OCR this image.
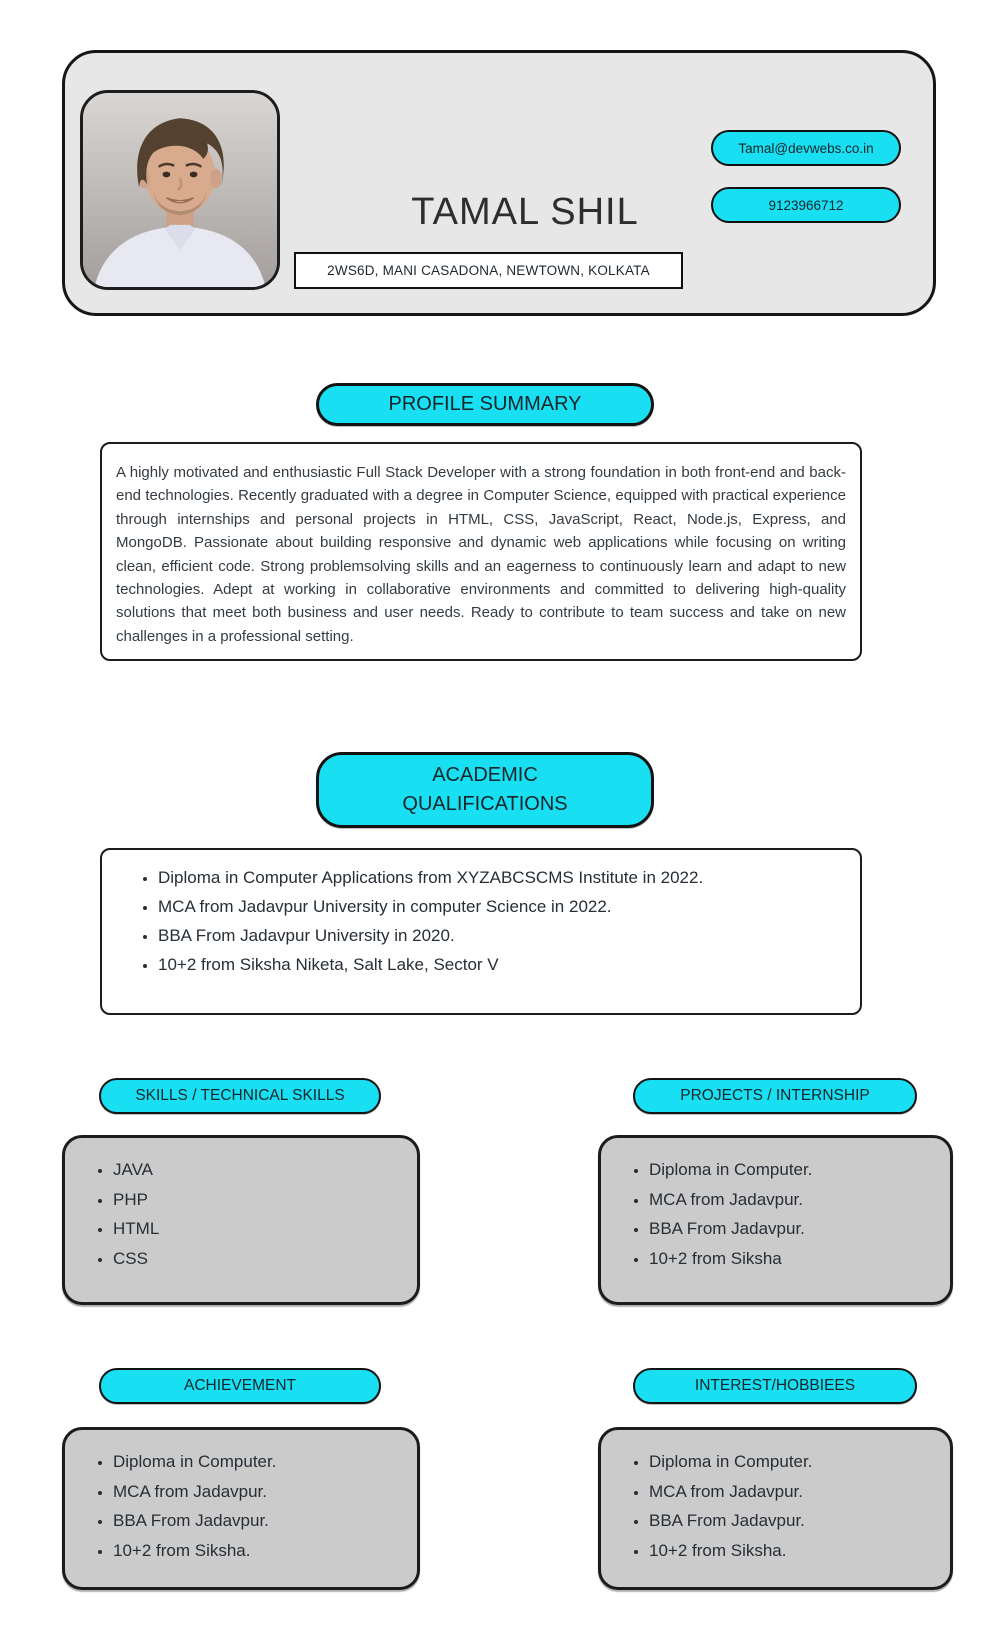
TAMAL SHIL
Tamal@devwebs.co.in
9123966712
2WS6D, MANI CASADONA, NEWTOWN, KOLKATA
PROFILE SUMMARY

A highly motivated and enthusiastic Full Stack Developer with a strong foundation in both front-end and back-end technologies. Recently graduated with a degree in Computer Science, equipped with practical experience through internships and personal projects in HTML, CSS, JavaScript, React, Node.js, Express, and MongoDB. Passionate about building responsive and dynamic web applications while focusing on writing clean, efficient code. Strong problemsolving skills and an eagerness to continuously learn and adapt to new technologies. Adept at working in collaborative environments and committed to delivering high-quality solutions that meet both business and user needs. Ready to contribute to team success and take on new challenges in a professional setting.

ACADEMIC
QUALIFICATIONS
• Diploma in Computer Applications from XYZABCSCMS Institute in 2022.
• MCA from Jadavpur University in computer Science in 2022.
• BBA From Jadavpur University in 2020.
• 10+2 from Siksha Niketa, Salt Lake, Sector V
SKILLS / TECHNICAL SKILLS	PROJECTS / INTERNSHIP
• JAVA
• PHP
• HTML
• CSS
• Diploma in Computer.
• MCA from Jadavpur.
• BBA From Jadavpur.
• 10+2 from Siksha
ACHIEVEMENT	INTEREST/HOBBIEES
• Diploma in Computer.
• MCA from Jadavpur.
• BBA From Jadavpur.
• 10+2 from Siksha.
• Diploma in Computer.
• MCA from Jadavpur.
• BBA From Jadavpur.
• 10+2 from Siksha.
